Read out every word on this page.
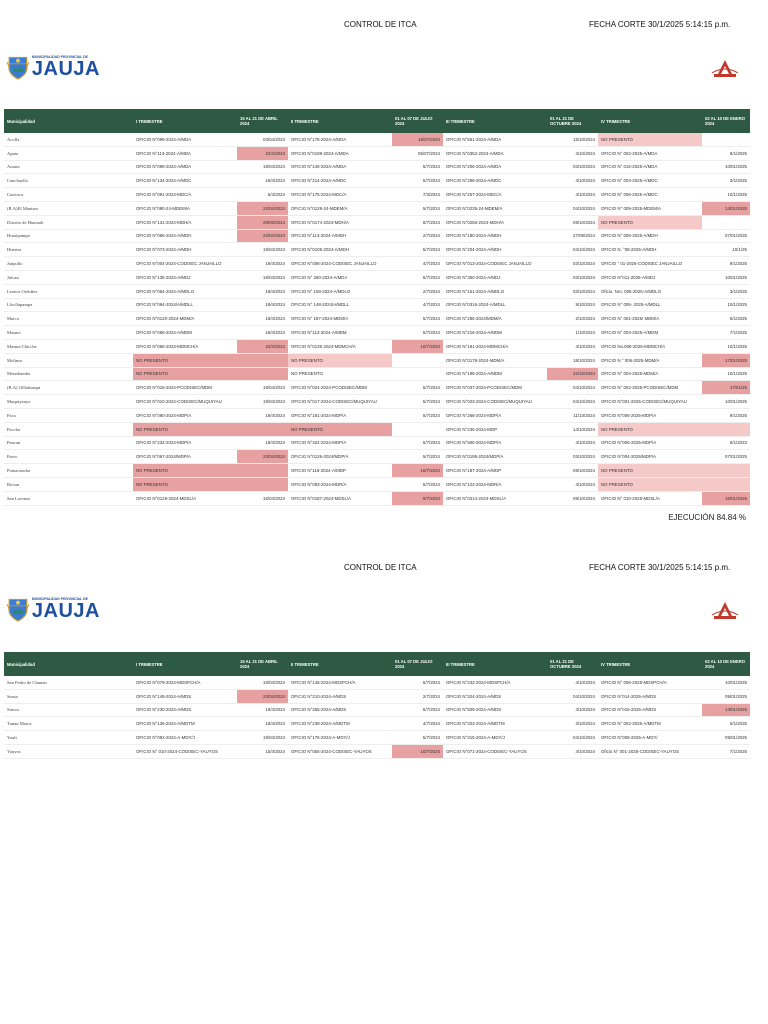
CONTROL DE ITCA	FECHA CORTE 30/1/2025 5:14:15 p.m.
MUNICIPALIDAD PROVINCIAL DE
JAUJA
Municipalidad	I TRIMESTRE	15 AL 21 DE ABRIL 2024	II TRIMESTRE	01 AL 07 DE JULIO 2024	III TRIMESTRE	01 AL 21 DE OCTUBRE 2024	IV TRIMESTRE	02 AL 10 DE ENERO 2024
Acolla	OFICIO N°099-2024-A/MDA	03/04/2024	OFICIO N°175-2024-A/MDA	16/07/2024	OFICIO N°551-2024-A/MDA	15/10/2024	NO PRESENTO	
Apata	OFICIO N°113-2024-A/MDA	22/4/2024	OFICIO N°0199-2024-A/MDA	05/07/2024	OFICIO N°0352-2024-A/MDA	4/10/2024	OFICIO N° 002-2025-A/MDA	8/1/2025
Ataura	OFICIO N°099-2024-A/MDA	19/04/2024	OFICIO N°146-2024-A/MDA	5/7/2024	OFICIO N°206-2024-A/MDA	03/10/2024	OFICIO N° 015-2025-A/MDA	10/01/2025
Canchayllo	OFICIO N°134-2024-A/MDC	18/4/2024	OFICIO N°214-2024-A/MDC	5/7/2024	OFICIO N°298-2024-A/MDC	4/10/2024	OFICIO N° 003-2025-A/MDC	3/1/2025
Curicaca	OFICIO N°091-2024-MDC/A	5/4/2024	OFICIO N°175-2024-MDC/A	7/3/2024	OFICIO N°267-2024-MDC/A	4/10/2024	OFICIO N° 006-2025-A/MDC	10/1/2025
(B.A)El Mantaro	OFICIO N°080-24-MDEM/A	22/04/2024	OFICIO N°0129-24-MDEM/A	5/7/2024	OFICIO N°0235-24-MDEM/A	04/10/2024	OFICIO N° 009-2025-MDEM/A	14/01/2025
Distrito de Huamali	OFICIO N°131-2024-MDH/A	29/05/2024	OFICIO N°0174-2024-MDH/A	8/7/2024	OFICIO N°0256-2024-MDH/A	09/10/2024	NO PRESENTO	
Huaripampa	OFICIO N°066-2024-A/MDH	22/04/2024	OFICIO N°113-2024-A/MDH	2/7/2024	OFICIO N°180-2024-A/MDH	27/09/2024	OFICIO N° 005-2025-A/MDH	07/01/2025
Huertas	OFICIO N°073-2024-A/MDH	19/04/2024	OFICIO N°0105-2024-A/MDH	5/7/2024	OFICIO N°204-2024-A/MDH	04/10/2024	OFICIO N. °08-2025-A/MDH	10/1/25
Janjaillo	OFICIO N°004-2024-CODISEC JANJAILLO	19/4/2024	OFICIO N°008-2024-CODISEC JANJAILLO	4/7/2024	OFICIO N°013-2024-CODISEC JANJAILLO	03/10/2024	OFICIO ° 01-2025-CODISEC JANJAILLO	9/1/2025
Julcan	OFICIO N°135-2024-A/MDJ	19/04/2024	OFICIO N° 260-2024-A/MDJ	5/7/2024	OFICIO N°350-2024-A/MDJ	03/10/2024	OFICIO N°011-2025-A/MDJ	10/01/2025
Leonor Ordoñez	OFICIO N°064-2024-A/MDLO	19/4/2024	OFICIO N° 108-2024-A/MDLO	2/7/2024	OFICIO N°161-2024-A/MDLO	03/10/2024	Oficio. Nro. 005-2025-A/MDLO	3/1/2025
Llocllapampa	OFICIO N°094-2024/A/MDLL	19/4/2024	OFICIO N° 148-2024/A/MDLL	4/7/2024	OFICIO N°0316-2024-A/MDLL	9/10/2024	OFICIO N° 006- 2025-A/MDLL	10/1/2025
Marco	OFICIO N°0120-2024-MDM/A	19/4/2024	OFICIO N° 187-2024-MDM/A	5/7/2024	OFICIO N°285-2024/MDM/A	2/10/2024	OFICIO N° 001-2025/ MDM/A	6/1/2025
Masma	OFICIO N°068-2024-A/MDM	18/4/2024	OFICIO N°113-2024-A/MDM	5/7/2024	OFICIO N°216-2024-A/MDM	1/10/2024	OFICIO N° 003-2025-A/MDM	7/1/2025
Masma Chicche	OFICIO N°068-2023-MDMCH/A	22/4/2024	OFICIO N°0135-2024-MDMCH/A	10/7/2024	OFICIO N°191-2024-MDMCH/A	4/10/2024	OFICIO No.006-2025-MDMCH/A	10/1/2025
Molinos	NO PRESENTO		NO PRESENTO		OFICIO N°0178-2024-MDM/A	18/10/2024	OFICIO N ° 006-2025-MDM/A	17/01/2025
Monobamba	NO PRESENTO		NO PRESENTO		OFICIO N°198-2024-A/MDM	22/10/2024	OFICIO N° 004-2025-MDM/A	10/1/2025
(B.A) Olllahuaqui	OFICIO N°015-2024-PCODISEC/MDM	19/04/2024	OFICIO N°024-2024-PCODISEC/MDM	5/7/2024	OFICIO N°037-2024-PCODISEC/MDM	04/10/2024	OFICIO N° 002-2025-PCODISEC/MDM	17/01/25
Muquiyauyo	OFICIO N°010-2024-CODISEC/MUQUIYAU	19/04/2024	OFICIO N°017-2024-CODISEC/MUQUIYAU	5/7/2024	OFICIO N°023-2024-CODISEC/MUQUIYAU	04/10/2024	OFICIO N°001-2025-CODISEC/MUQUIYAU	10/01/2025
Paca	OFICIO N°080-2024-MDP/A	19/4/2024	OFICIO N°161-2024-MDP/A	5/7/2024	OFICIO N°268-2024-MDP/A	11/10/2024	OFICIO N°006-2025-MDP/A	9/1/2025
Paccha	NO PRESENTO		NO PRESENTO		OFICIO N°235-2024-MDP	14/10/2024	NO PRESENTO	
Pancan	OFICIO N°232-2024-MDP/A	18/4/2024	OFICIO N°324-2024-MDP/A	5/7/2024	OFICIO N°505-2024-MDP/A	4/10/2024	OFICIO N°006-2025-MDP/A	6/1/2023
Parco	OFICIO N°067-2024/MDP/A	23/04/2024	OFICIO N°0126-2024/MDP/A	5/7/2024	OFICIO N°0195-2024/MDP/A	03/10/2024	OFICIO N°004-2025/MDP/A	07/01/2025
Pomacancha	NO PRESENTO		OFICIO N°118-2024-A/MDP	16/7/2024	OFICIO N°187-2024-A/MDP	09/10/2024	NO PRESENTO	
Ricran	NO PRESENTO		OFICIO N°093-2024-MDR/A	5/7/2024	OFICIO N°123-2024-MDR/A	4/10/2024	NO PRESENTO	
San Lorenzo	OFICIO N°0128-2024-MDSL/A	16/04/2024	OFICIO N°0187-2024-MDSL/A	9/7/2024	OFICIO N°0314-2024-MDSL/A	09/10/2024	OFICIO N° 010-2025-MDSL/A	16/01/2025
EJECUCIÓN 84.84 %
CONTROL DE ITCA	FECHA CORTE 30/1/2025 5:14:15 p.m.
MUNICIPALIDAD PROVINCIAL DE
JAUJA
Municipalidad	I TRIMESTRE	15 AL 21 DE ABRIL 2024	II TRIMESTRE	01 AL 07 DE JULIO 2024	III TRIMESTRE	01 AL 21 DE OCTUBRE 2024	IV TRIMESTRE	02 AL 10 DE ENERO 2024
San Pedro de Chunan	OFICIO N°079-2024-MDSPCH/A	19/04/2024	OFICIO N°145-2024-MDSPCH/A	5/7/2024	OFICIO N°232-2024-MDSPCH/A	4/10/2024	OFICIO N° 006-2025-MDSPCH/A	10/01/2025
Sausa	OFICIO N°149-2024-A/MDS	23/04/2024	OFICIO N°210-2024-A/MDS	2/7/2024	OFICIO N°324-2024-A/MDS	04/10/2024	OFICIO N°014-2025-A/MDS	09/01/2025
Sincos	OFICIO N°230-2024-A/MDS	19/4/2024	OFICIO N°355-2024-A/MDS	5/7/2024	OFICIO N°509-2024-A/MDS	4/10/2024	OFICIO N°015-2025-A/MDS	13/01/2025
Tunan Marca	OFICIO N°136-2024-A/MDTM	18/4/2024	OFICIO N°238-2024-A/MDTM	4/7/2024	OFICIO N°323-2024-A/MDTM	3/10/2024	OFICIO N° 002-2025-A/MDTM	6/1/2025
Yauli	OFICIO N°092-2024-A-MDY/J	19/04/2024	OFICIO N°176-2024-A-MDY/J	5/7/2024	OFICIO N°315-2024-A-MDY/J	04/10/2024	OFICIO N°008-2025-A-MDY/	09/01/2025
Yauyos	OFICIO N° 010-2024-CODISEC-YAUYOS	15/4/2024	OFICIO N°055-2024-CODISEC-YAUYOS	10/7/2024	OFICIO N°071-2024-CODISEC-YAUYOS	4/10/2024	Oficio N° 001-2025-CODISEC-YAUYOS	7/1/2025
